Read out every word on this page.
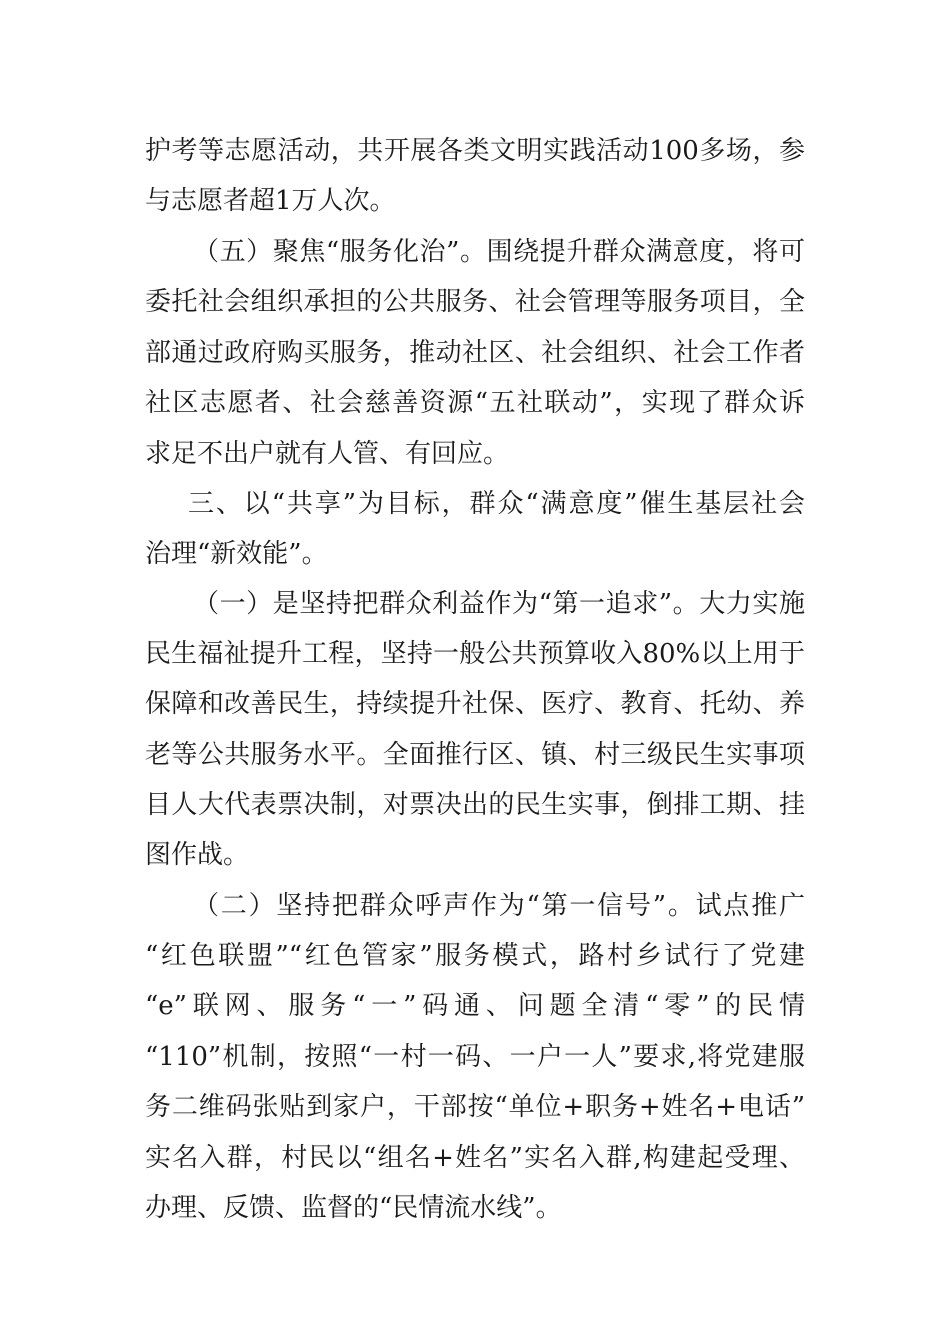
护考等志愿活动，共开展各类文明实践活动100多场，参
与志愿者超1万人次。
（五）聚焦“服务化治”。围绕提升群众满意度，将可
委托社会组织承担的公共服务、社会管理等服务项目，全
部通过政府购买服务，推动社区、社会组织、社会工作者
社区志愿者、社会慈善资源“五社联动”，实现了群众诉
求足不出户就有人管、有回应。
三、以“共享”为目标，群众“满意度”催生基层社会
治理“新效能”。
（一）是坚持把群众利益作为“第一追求”。大力实施
民生福祉提升工程，坚持一般公共预算收入80%以上用于
保障和改善民生，持续提升社保、医疗、教育、托幼、养
老等公共服务水平。全面推行区、镇、村三级民生实事项
目人大代表票决制，对票决出的民生实事，倒排工期、挂
图作战。
（二）坚持把群众呼声作为“第一信号”。试点推广
“红色联盟”“红色管家”服务模式，路村乡试行了党建
“e”联网、服务“一”码通、问题全清“零”的民情
“110”机制，按照“一村一码、一户一人”要求,将党建服
务二维码张贴到家户，干部按“单位+职务+姓名+电话”
实名入群，村民以“组名+姓名”实名入群,构建起受理、
办理、反馈、监督的“民情流水线”。
